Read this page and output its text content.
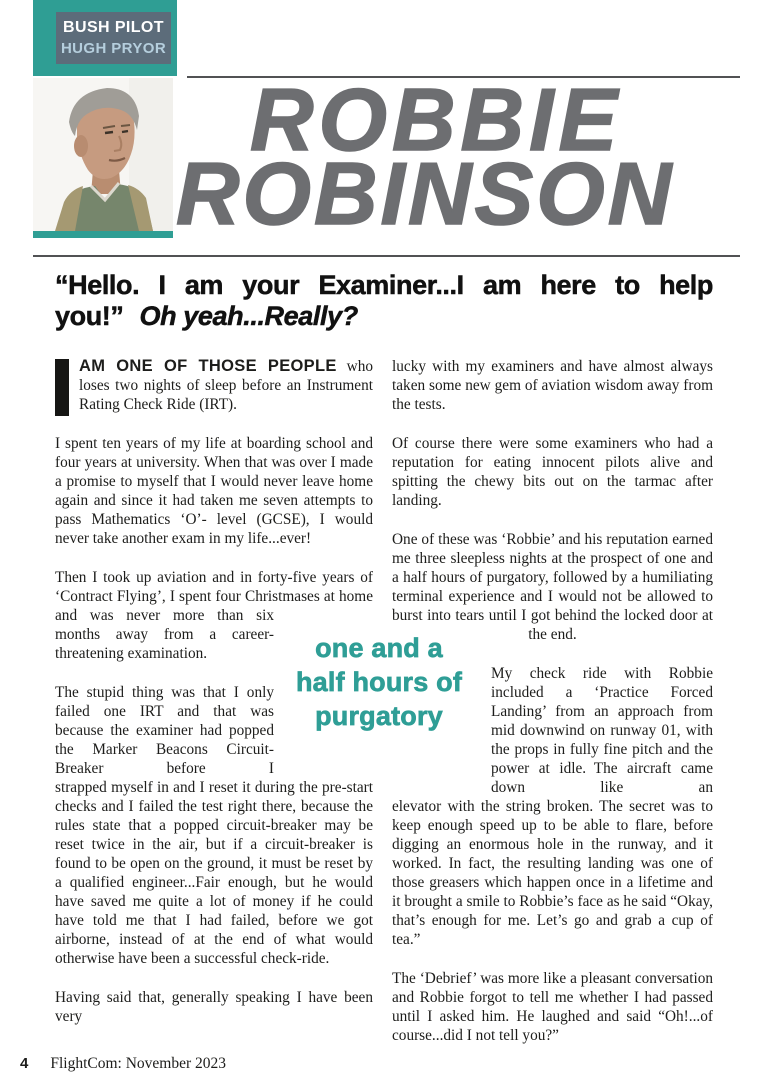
BUSH PILOT
HUGH PRYOR
ROBBIE
ROBINSON
“Hello. I am your Examiner...I am here to help
you!” Oh yeah...Really?

AM ONE OF THOSE PEOPLE who loses two nights of sleep before an Instrument Rating Check Ride (IRT).

I spent ten years of my life at boarding school and four years at university. When that was over I made a promise to myself that I would never leave home again and since it had taken me seven attempts to pass Mathematics ‘O’- level (GCSE), I would never take another exam in my life...ever!

Then I took up aviation and in forty-five years of ‘Contract Flying’, I spent four Christmases at home

and was never more than six months away from a career-threatening examination.

The stupid thing was that I only failed one IRT and that was because the examiner had popped the Marker Beacons Circuit-Breaker before I

strapped myself in and I reset it during the pre-start checks and I failed the test right there, because the rules state that a popped circuit-breaker may be reset twice in the air, but if a circuit-breaker is found to be open on the ground, it must be reset by a qualified engineer...Fair enough, but he would have saved me quite a lot of money if he could have told me that I had failed, before we got airborne, instead of at the end of what would otherwise have been a successful check-ride.

Having said that, generally speaking I have been very

lucky with my examiners and have almost always taken some new gem of aviation wisdom away from the tests.

Of course there were some examiners who had a reputation for eating innocent pilots alive and spitting the chewy bits out on the tarmac after landing.

One of these was ‘Robbie’ and his reputation earned me three sleepless nights at the prospect of one and a half hours of purgatory, followed by a humiliating terminal experience and I would not be allowed to burst into tears until I got behind the locked door at

the end.

My check ride with Robbie included a ‘Practice Forced Landing’ from an approach from mid downwind on runway 01, with the props in fully fine pitch and the power at idle. The aircraft came down like an

elevator with the string broken. The secret was to keep enough speed up to be able to flare, before digging an enormous hole in the runway, and it worked. In fact, the resulting landing was one of those greasers which happen once in a lifetime and it brought a smile to Robbie’s face as he said “Okay, that’s enough for me. Let’s go and grab a cup of tea.”

The ‘Debrief’ was more like a pleasant conversation and Robbie forgot to tell me whether I had passed until I asked him. He laughed and said “Oh!...of course...did I not tell you?”

one and a
half hours of
purgatory
4 FlightCom: November 2023
